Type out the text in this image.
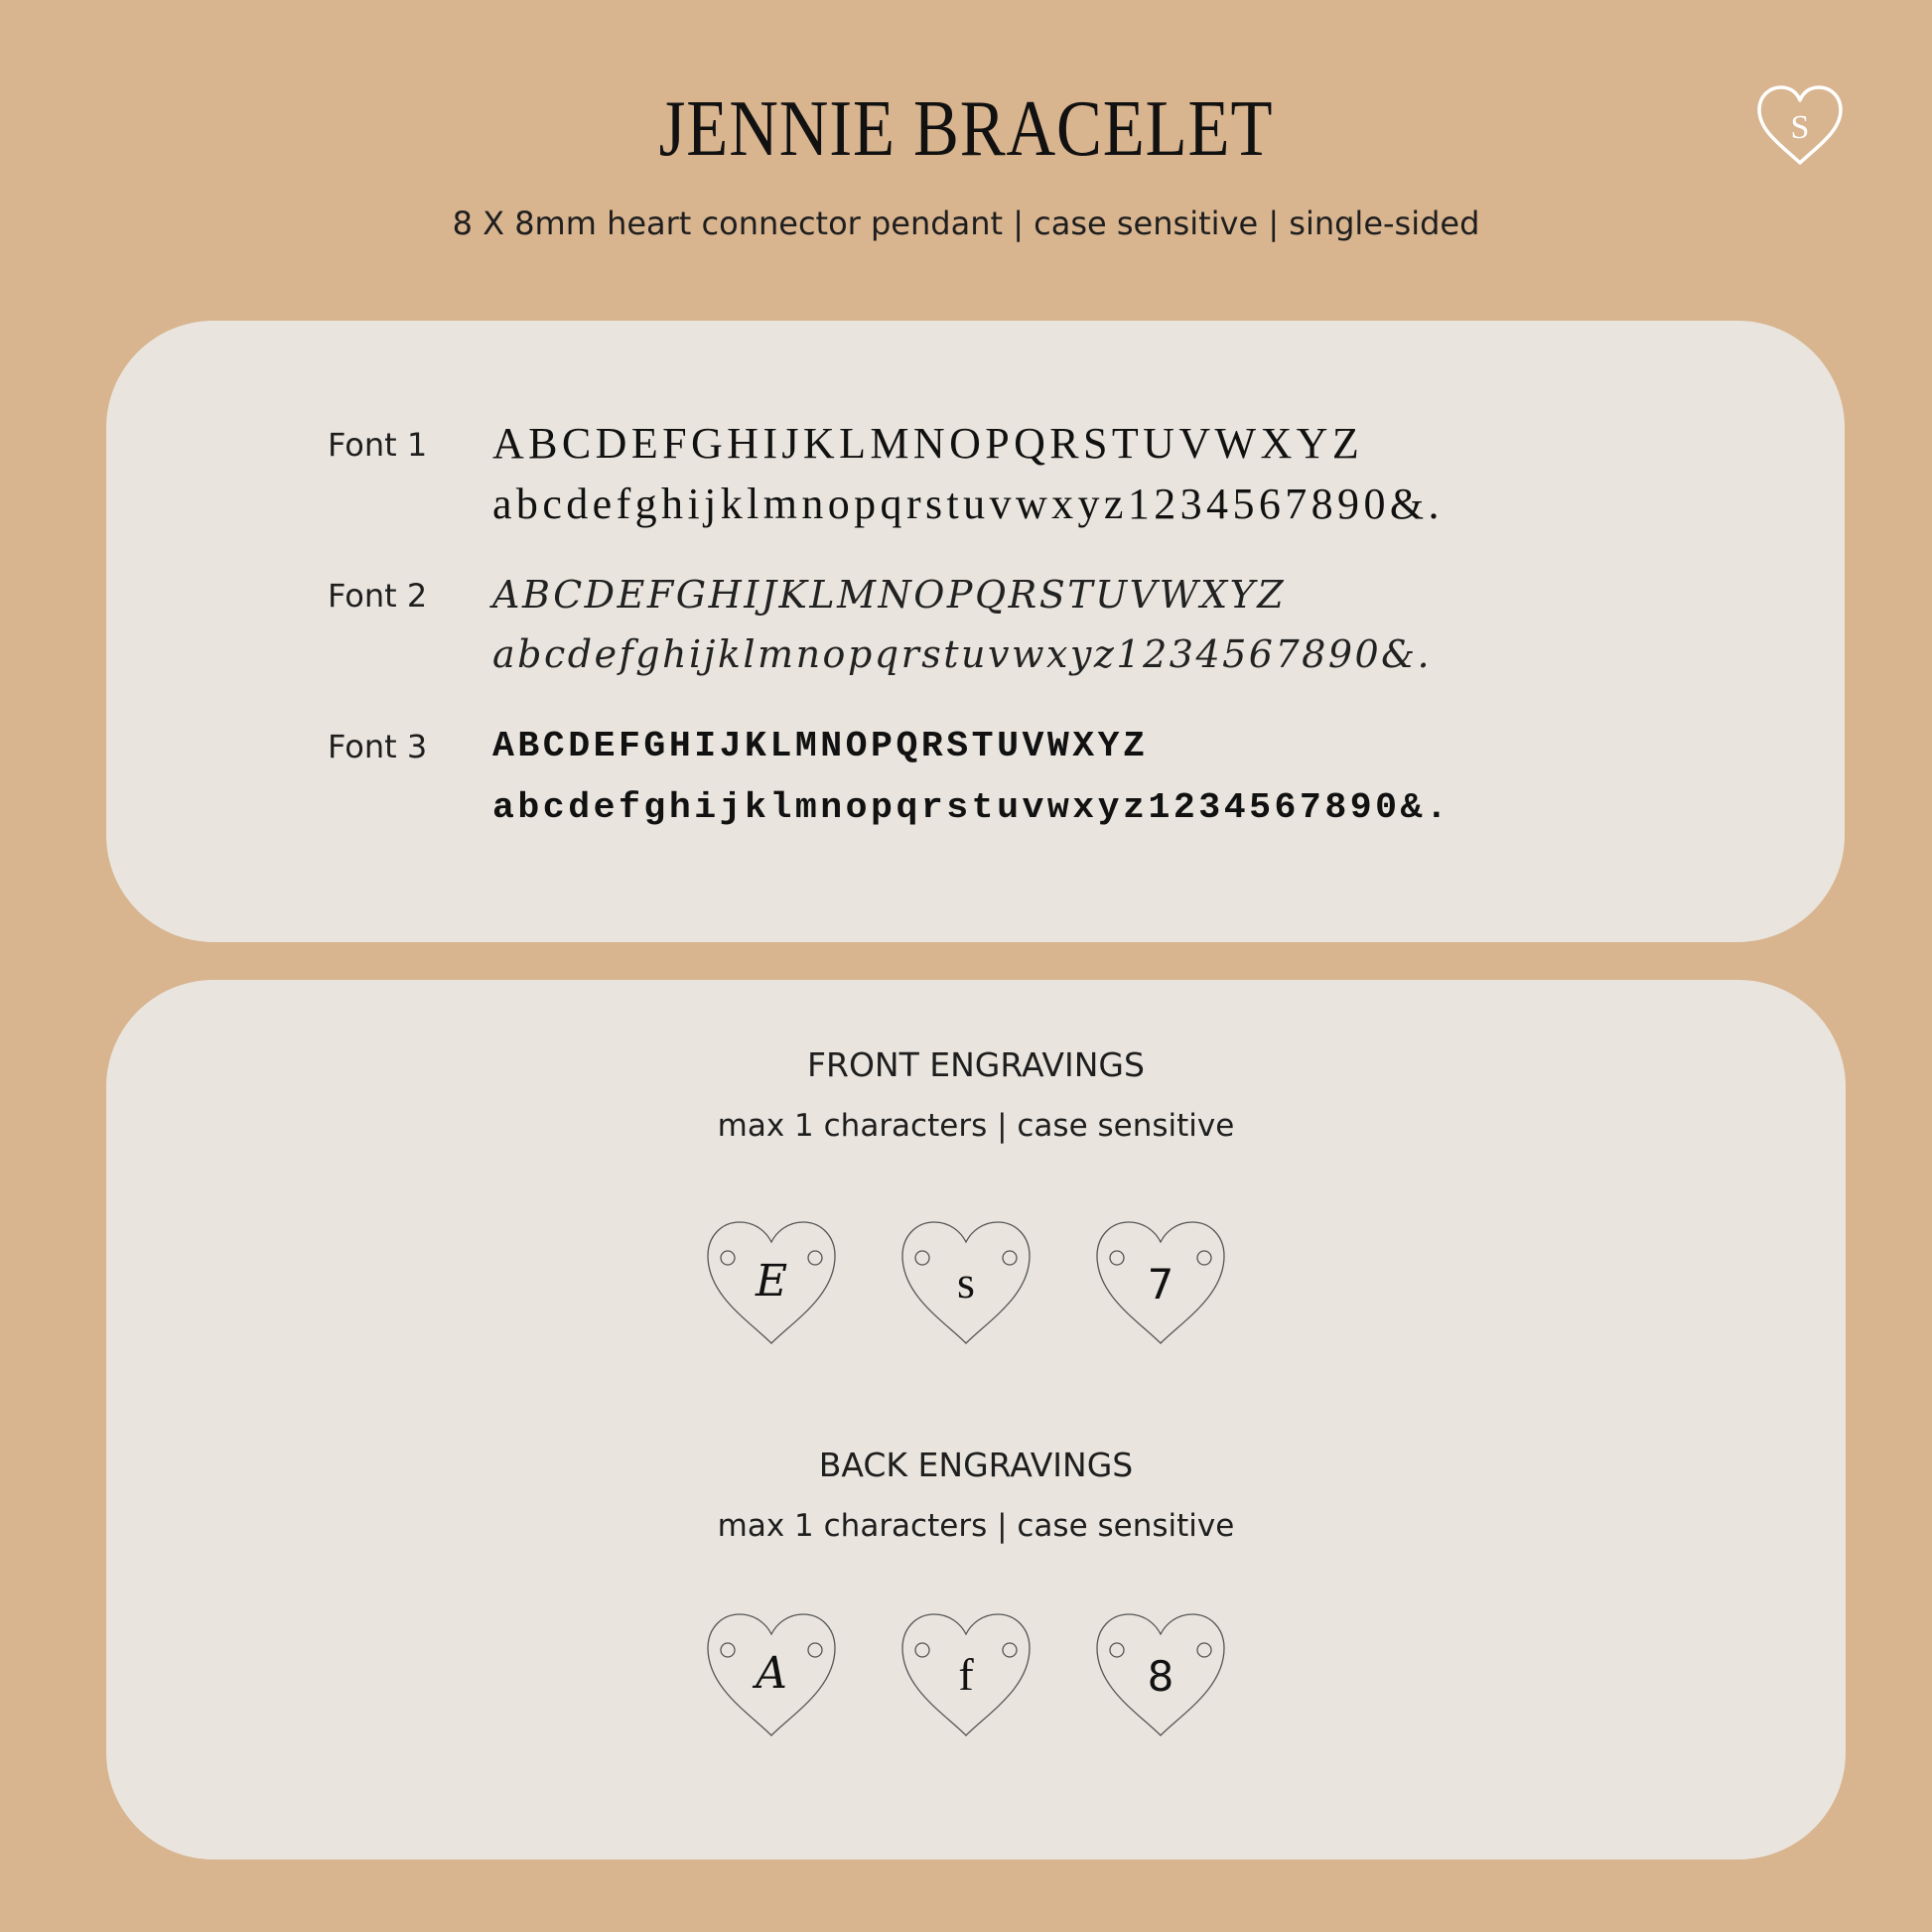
JENNIE BRACELET
8 X 8mm heart connector pendant | case sensitive | single-sided
S
Font 1 ABCDEFGHIJKLMNOPQRSTUVWXYZ
abcdefghijklmnopqrstuvwxyz1234567890&.
Font 2 ABCDEFGHIJKLMNOPQRSTUVWXYZ
abcdefghijklmnopqrstuvwxyz1234567890&.
Font 3 ABCDEFGHIJKLMNOPQRSTUVWXYZ
abcdefghijklmnopqrstuvwxyz1234567890&.
FRONT ENGRAVINGS
max 1 characters | case sensitive
E	s	7
BACK ENGRAVINGS
max 1 characters | case sensitive
A	f	8
